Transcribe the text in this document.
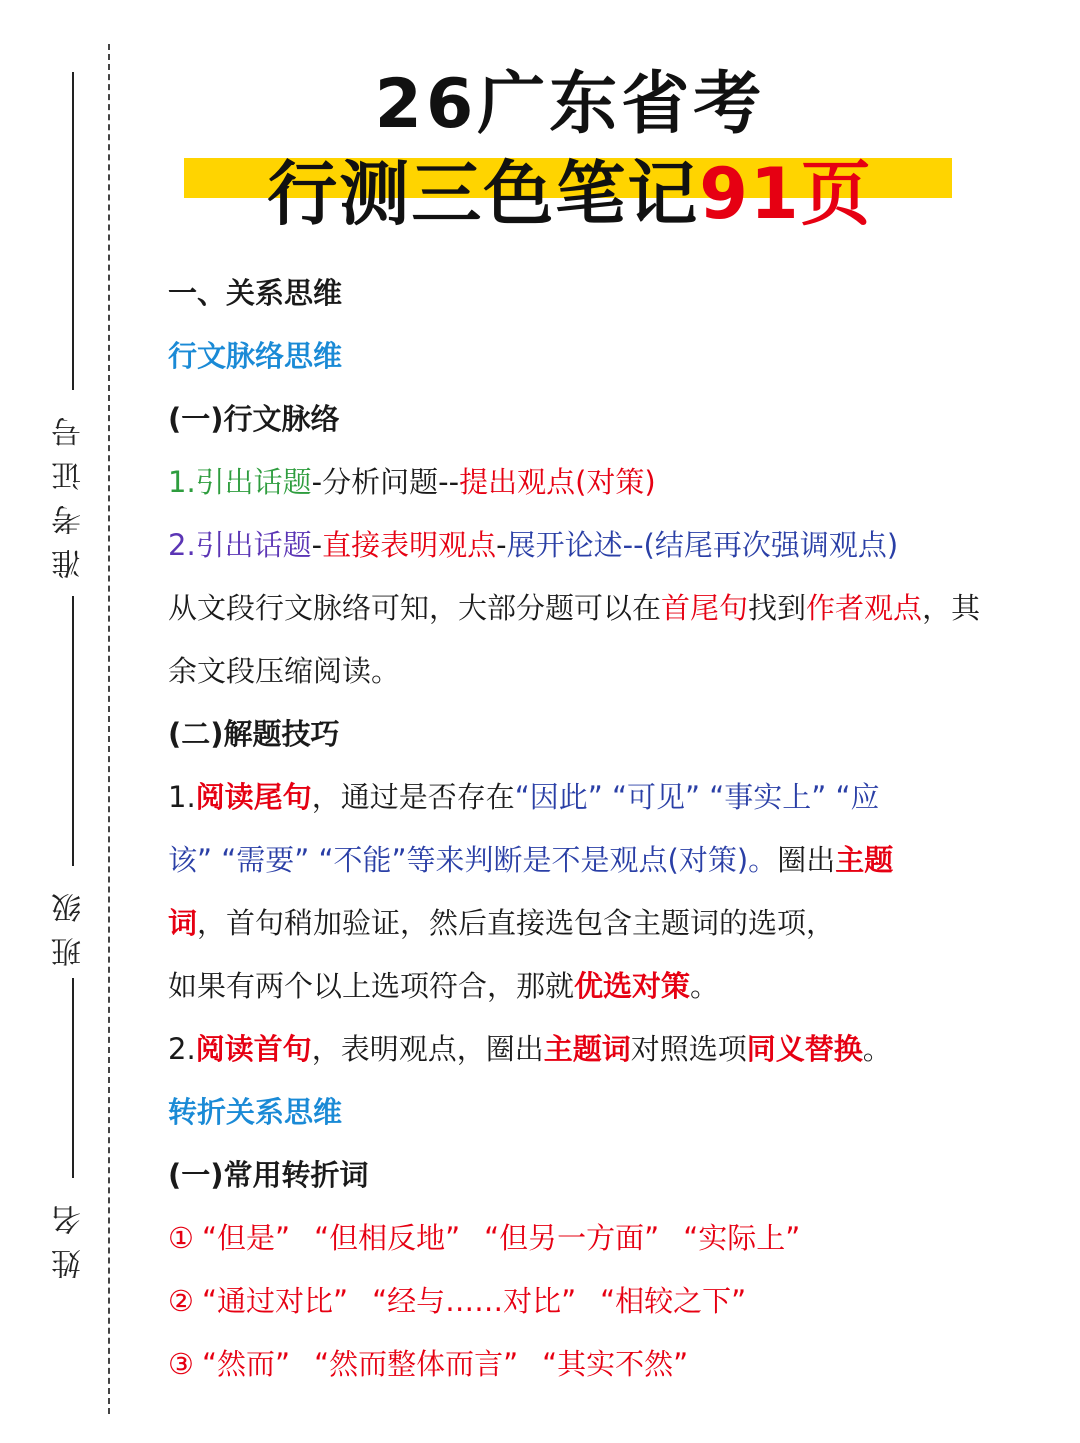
准考证号
班级
姓名
26广东省考
行测三色笔记91页
一、关系思维
行文脉络思维
(一)行文脉络
1.引出话题-分析问题--提出观点(对策)
2.引出话题-直接表明观点-展开论述--(结尾再次强调观点)
从文段行文脉络可知，大部分题可以在首尾句找到作者观点，其
余文段压缩阅读。
(二)解题技巧
1.阅读尾句，通过是否存在“因此” “可见” “事实上” “应
该” “需要” “不能”等来判断是不是观点(对策)。圈出主题
词，首句稍加验证，然后直接选包含主题词的选项，
如果有两个以上选项符合，那就优选对策。
2.阅读首句，表明观点，圈出主题词对照选项同义替换。
转折关系思维
(一)常用转折词
① “但是” “但相反地” “但另一方面” “实际上”
② “通过对比” “经与……对比” “相较之下”
③ “然而” “然而整体而言” “其实不然”
